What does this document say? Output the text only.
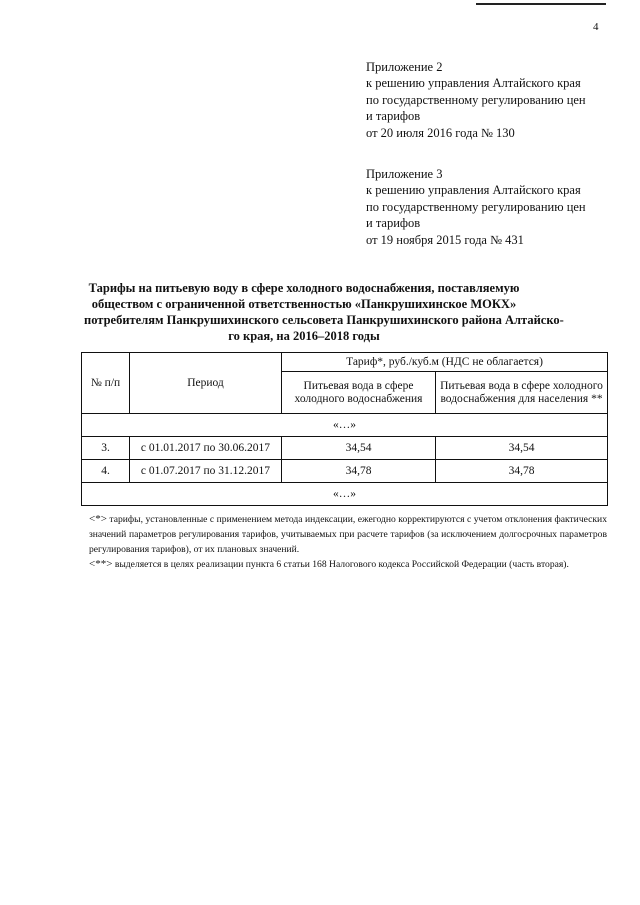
4
Приложение 2
к решению управления Алтайского края
по государственному регулированию цен
и тарифов
от 20 июля 2016 года № 130
Приложение 3
к решению управления Алтайского края
по государственному регулированию цен
и тарифов
от 19 ноября 2015 года № 431
Тарифы на питьевую воду в сфере холодного водоснабжения, поставляемую
обществом с ограниченной ответственностью «Панкрушихинское МОКХ»
потребителям Панкрушихинского сельсовета Панкрушихинского района Алтайско-
го края, на 2016–2018 годы
№ п/п	Период	Тариф*, руб./куб.м (НДС не облагается)	
		Питьевая вода в сфере холодного водоснабжения	Питьевая вода в сфере холодного водоснабжения для населения **
«…»			
3.	с 01.01.2017 по 30.06.2017	34,54	34,54
4.	с 01.07.2017 по 31.12.2017	34,78	34,78
«…»			

<*> тарифы, установленные с применением метода индексации, ежегодно корректируются с учетом отклонения фактических значений параметров регулирования тарифов, учитываемых при расчете тарифов (за исключением долгосрочных параметров регулирования тарифов), от их плановых значений.

<**> выделяется в целях реализации пункта 6 статьи 168 Налогового кодекса Российской Федерации (часть вторая).
